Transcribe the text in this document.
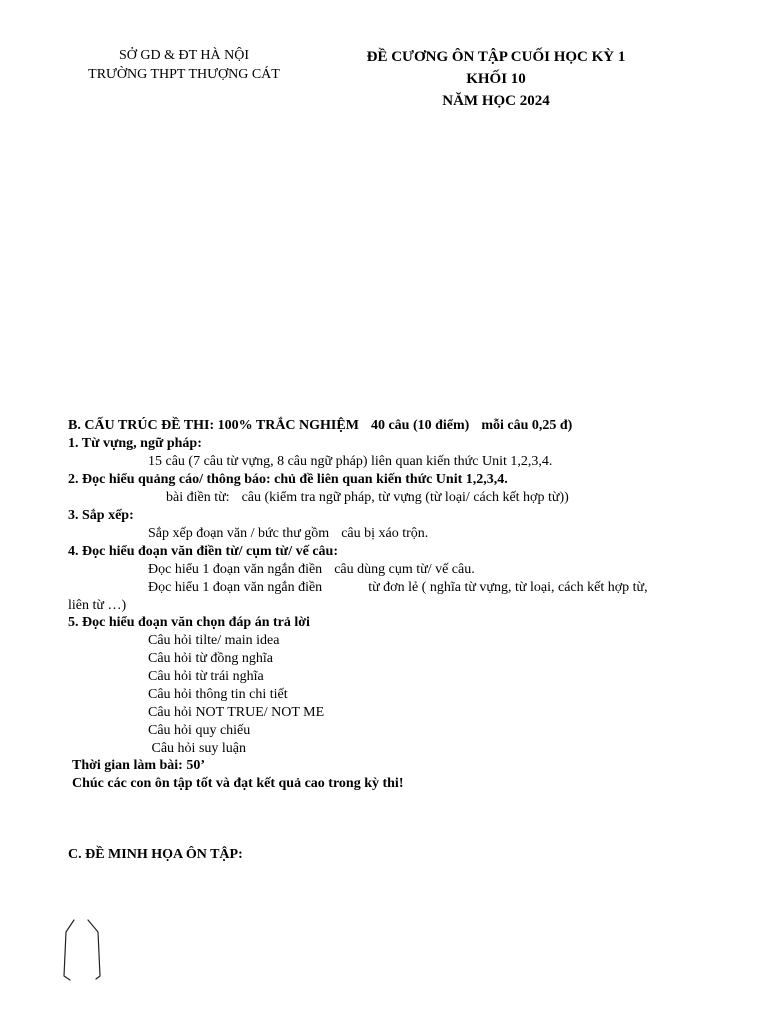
SỞ GD & ĐT HÀ NỘI
TRƯỜNG THPT THƯỢNG CÁT
ĐỀ CƯƠNG ÔN TẬP CUỐI HỌC KỲ 1
KHỐI 10
NĂM HỌC 2024
B. CẤU TRÚC ĐỀ THI: 100% TRẮC NGHIỆM 40 câu (10 điểm) mỗi câu 0,25 đ)
1. Từ vựng, ngữ pháp:
15 câu (7 câu từ vựng, 8 câu ngữ pháp) liên quan kiến thức Unit 1,2,3,4.
2. Đọc hiểu quảng cáo/ thông báo: chủ đề liên quan kiến thức Unit 1,2,3,4.
bài điền từ: câu (kiểm tra ngữ pháp, từ vựng (từ loại/ cách kết hợp từ))
3. Sắp xếp:
Sắp xếp đoạn văn / bức thư gồm câu bị xáo trộn.
4. Đọc hiểu đoạn văn điền từ/ cụm từ/ vế câu:
Đọc hiểu 1 đoạn văn ngắn điền câu dùng cụm từ/ vế câu.
Đọc hiểu 1 đoạn văn ngắn điền	từ đơn lẻ ( nghĩa từ vựng, từ loại, cách kết hợp từ,
liên từ …)
5. Đọc hiểu đoạn văn chọn đáp án trả lời
Câu hỏi tilte/ main idea
Câu hỏi từ đồng nghĩa
Câu hỏi từ trái nghĩa
Câu hỏi thông tin chi tiết
Câu hỏi NOT TRUE/ NOT ME
Câu hỏi quy chiếu
Câu hỏi suy luận
Thời gian làm bài: 50’
Chúc các con ôn tập tốt và đạt kết quả cao trong kỳ thi!
C. ĐỀ MINH HỌA ÔN TẬP:
